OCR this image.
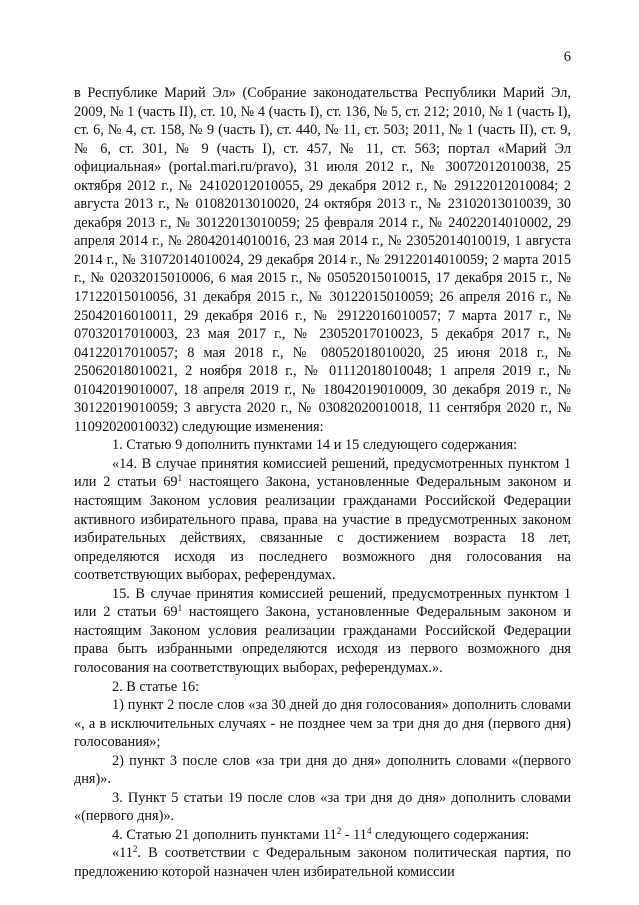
6

в Республике Марий Эл» (Собрание законодательства Республики Марий Эл, 2009, № 1 (часть II), ст. 10, № 4 (часть I), ст. 136, № 5, ст. 212; 2010, № 1 (часть I), ст. 6, № 4, ст. 158, № 9 (часть I), ст. 440, № 11, ст. 503; 2011, № 1 (часть II), ст. 9, № 6, ст. 301, № 9 (часть I), ст. 457, № 11, ст. 563; портал «Марий Эл официальная» (portal.mari.ru/pravo), 31 июля 2012 г., № 30072012010038, 25 октября 2012 г., № 24102012010055, 29 декабря 2012 г., № 29122012010084; 2 августа 2013 г., № 01082013010020, 24 октября 2013 г., № 23102013010039, 30 декабря 2013 г., № 30122013010059; 25 февраля 2014 г., № 24022014010002, 29 апреля 2014 г., № 28042014010016, 23 мая 2014 г., № 23052014010019, 1 августа 2014 г., № 31072014010024, 29 декабря 2014 г., № 29122014010059; 2 марта 2015 г., № 02032015010006, 6 мая 2015 г., № 05052015010015, 17 декабря 2015 г., № 17122015010056, 31 декабря 2015 г., № 30122015010059; 26 апреля 2016 г., № 25042016010011, 29 декабря 2016 г., № 29122016010057; 7 марта 2017 г., № 07032017010003, 23 мая 2017 г., № 23052017010023, 5 декабря 2017 г., № 04122017010057; 8 мая 2018 г., № 08052018010020, 25 июня 2018 г., № 25062018010021, 2 ноября 2018 г., № 01112018010048; 1 апреля 2019 г., № 01042019010007, 18 апреля 2019 г., № 18042019010009, 30 декабря 2019 г., № 30122019010059; 3 августа 2020 г., № 03082020010018, 11 сентября 2020 г., № 11092020010032) следующие изменения:

1. Статью 9 дополнить пунктами 14 и 15 следующего содержания:

«14. В случае принятия комиссией решений, предусмотренных пунктом 1 или 2 статьи $69^1$ настоящего Закона, установленные Федеральным законом и настоящим Законом условия реализации гражданами Российской Федерации активного избирательного права, права на участие в предусмотренных законом избирательных действиях, связанные с достижением возраста 18 лет, определяются исходя из последнего возможного дня голосования на соответствующих выборах, референдумах.

15. В случае принятия комиссией решений, предусмотренных пунктом 1 или 2 статьи $69^1$ настоящего Закона, установленные Федеральным законом и настоящим Законом условия реализации гражданами Российской Федерации права быть избранными определяются исходя из первого возможного дня голосования на соответствующих выборах, референдумах.».

2. В статье 16:

1) пункт 2 после слов «за 30 дней до дня голосования» дополнить словами «, а в исключительных случаях - не позднее чем за три дня до дня (первого дня) голосования»;

2) пункт 3 после слов «за три дня до дня» дополнить словами «(первого дня)».

3. Пункт 5 статьи 19 после слов «за три дня до дня» дополнить словами «(первого дня)».

4. Статью 21 дополнить пунктами $11^2 - 11^4$ следующего содержания:

«$11^2$. В соответствии с Федеральным законом политическая партия, по предложению которой назначен член избирательной комиссии
